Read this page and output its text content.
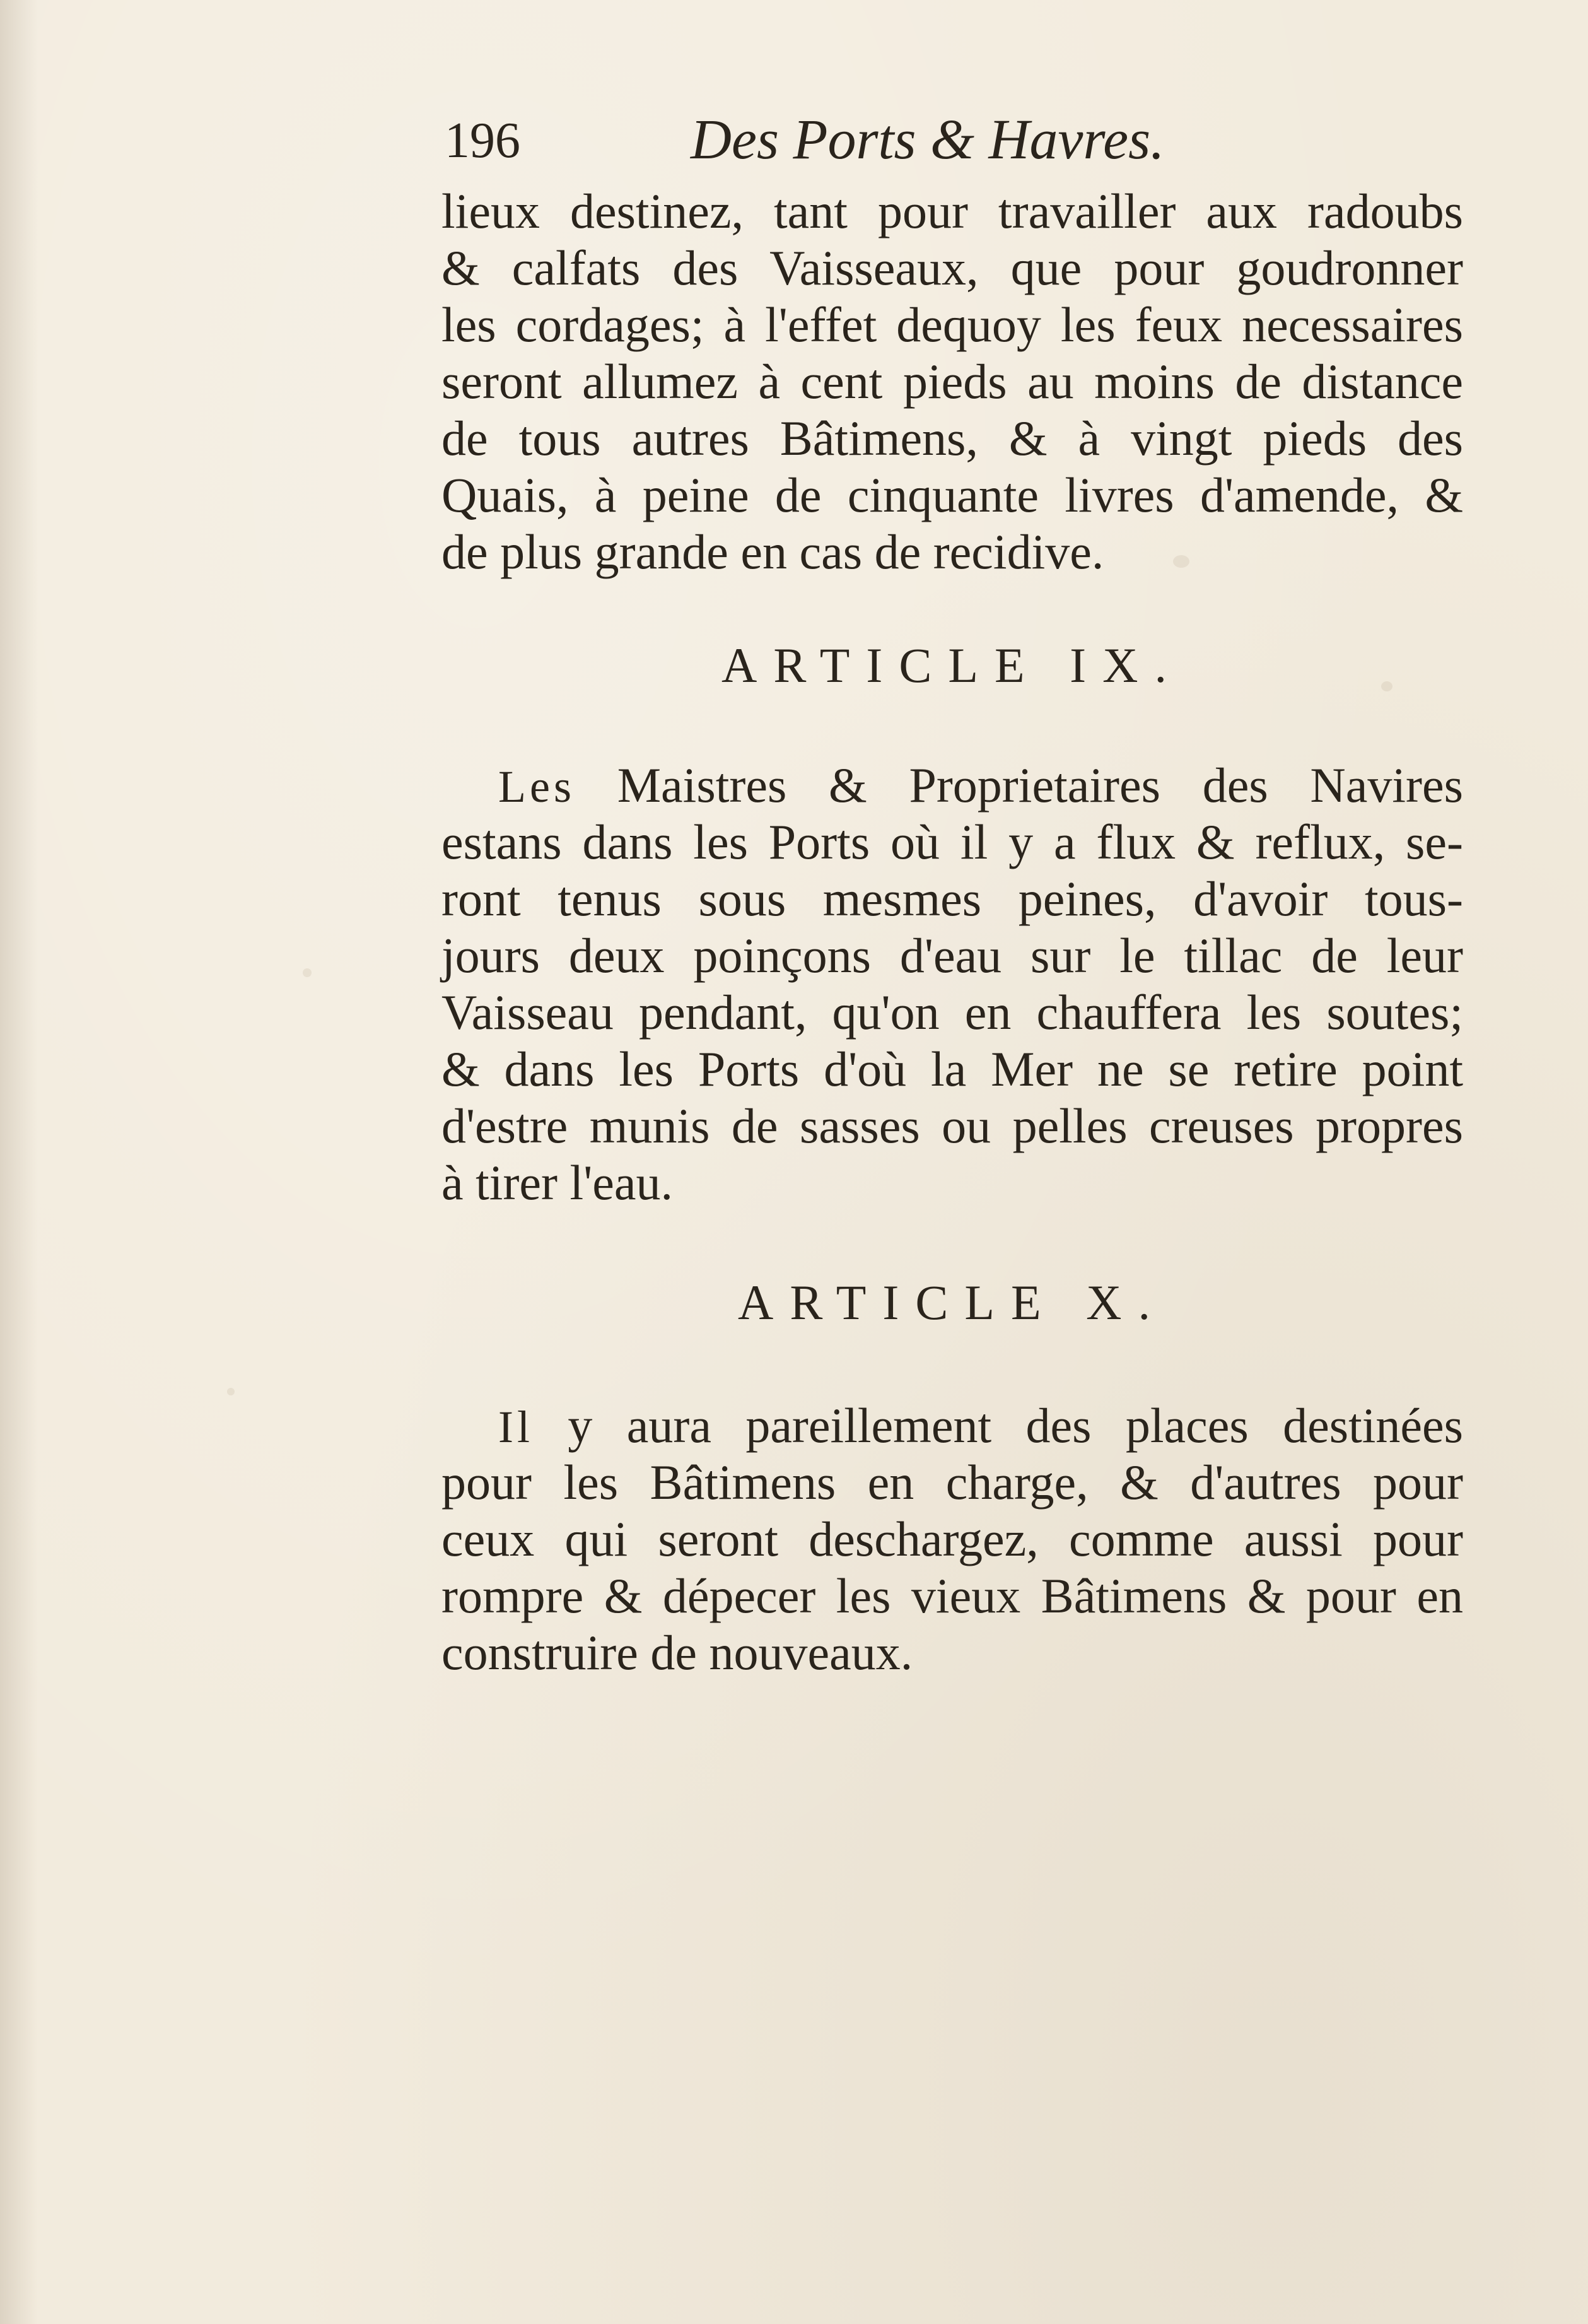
196	Des Ports & Havres.
lieux destinez, tant pour travailler aux radoubs
& calfats des Vaisseaux, que pour goudronner
les cordages; à l'effet dequoy les feux necessaires
seront allumez à cent pieds au moins de distance
de tous autres Bâtimens, & à vingt pieds des
Quais, à peine de cinquante livres d'amende, &
de plus grande en cas de recidive.
ARTICLE IX.
Les Maistres & Proprietaires des Navires
estans dans les Ports où il y a flux & reflux, se-
ront tenus sous mesmes peines, d'avoir tous-
jours deux poinçons d'eau sur le tillac de leur
Vaisseau pendant, qu'on en chauffera les soutes;
& dans les Ports d'où la Mer ne se retire point
d'estre munis de sasses ou pelles creuses propres
à tirer l'eau.
ARTICLE X.
Il y aura pareillement des places destinées
pour les Bâtimens en charge, & d'autres pour
ceux qui seront deschargez, comme aussi pour
rompre & dépecer les vieux Bâtimens & pour en
construire de nouveaux.
